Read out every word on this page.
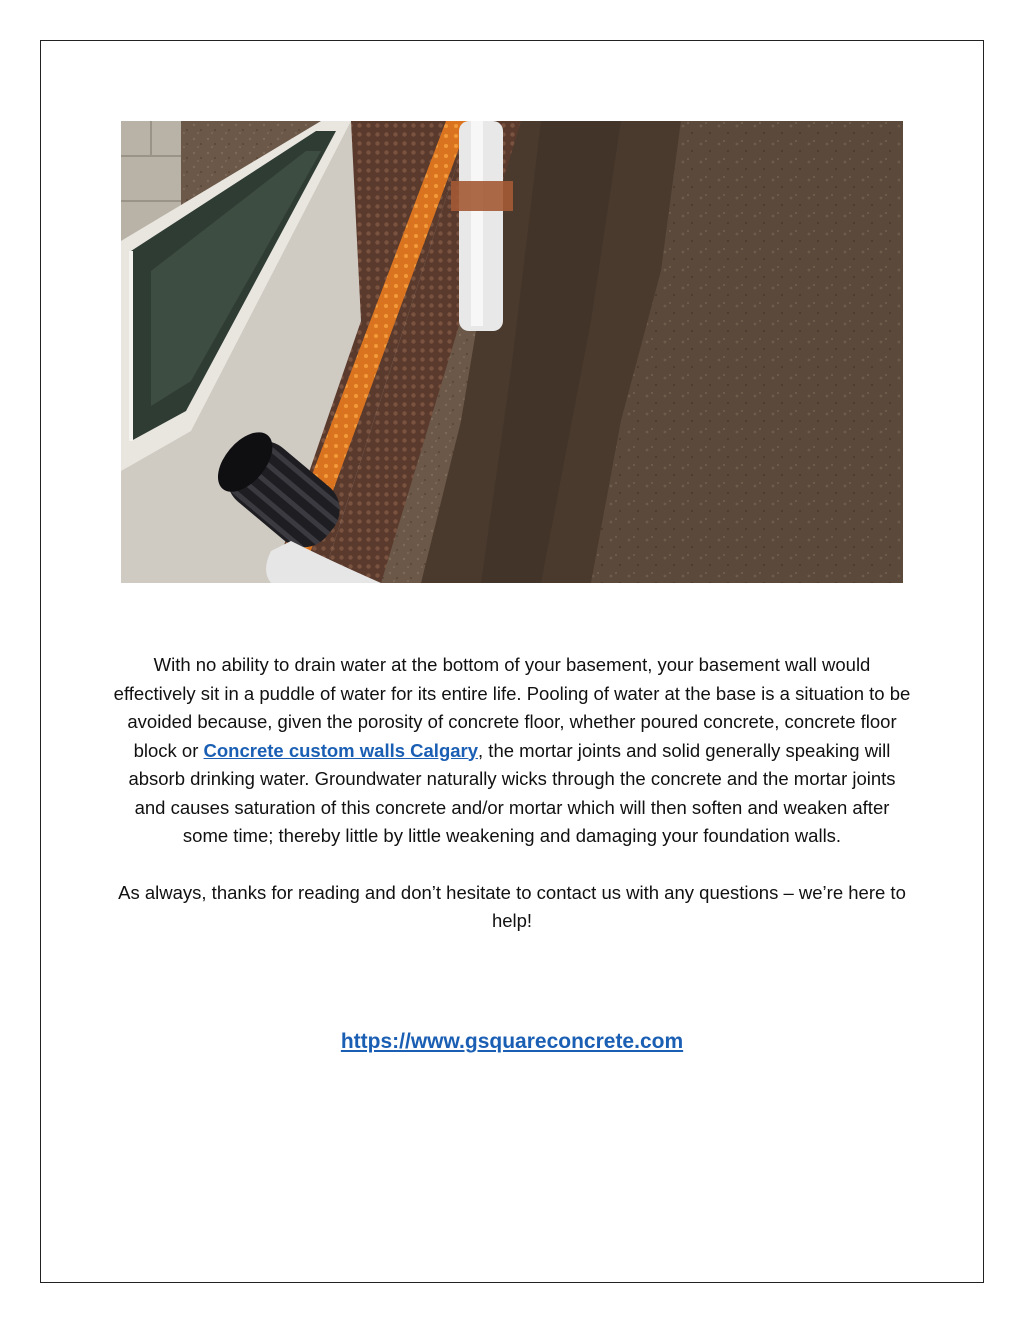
With no ability to drain water at the bottom of your basement, your basement wall would effectively sit in a puddle of water for its entire life. Pooling of water at the base is a situation to be avoided because, given the porosity of concrete floor, whether poured concrete, concrete floor block or Concrete custom walls Calgary, the mortar joints and solid generally speaking will absorb drinking water. Groundwater naturally wicks through the concrete and the mortar joints and causes saturation of this concrete and/or mortar which will then soften and weaken after some time; thereby little by little weakening and damaging your foundation walls.

As always, thanks for reading and don’t hesitate to contact us with any questions – we’re here to help!

https://www.gsquareconcrete.com
